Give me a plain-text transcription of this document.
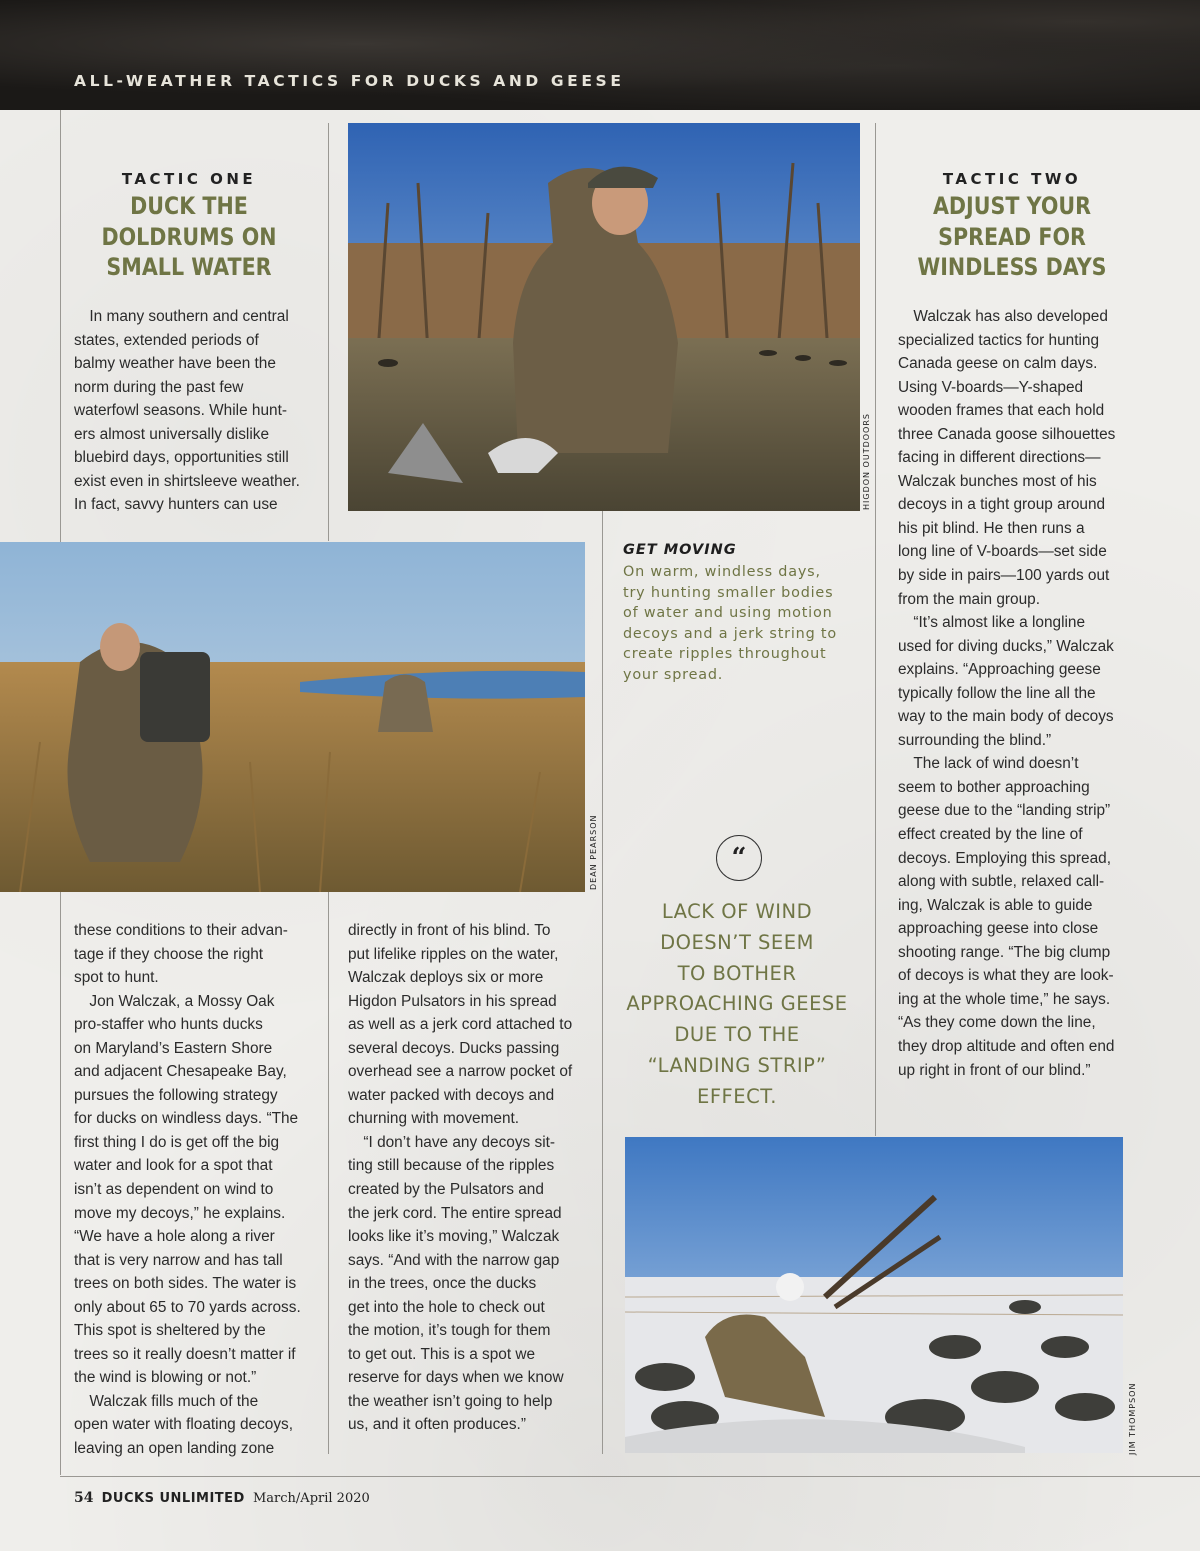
ALL-WEATHER TACTICS FOR DUCKS AND GEESE
TACTIC ONE
DUCK THE
DOLDRUMS ON
SMALL WATER
 In many southern and central
states, extended periods of
balmy weather have been the
norm during the past few
waterfowl seasons. While hunt-
ers almost universally dislike
bluebird days, opportunities still
exist even in shirtsleeve weather.
In fact, savvy hunters can use	HIGDON OUTDOORS
TACTIC TWO
ADJUST YOUR
SPREAD FOR
WINDLESS DAYS
 Walczak has also developed
specialized tactics for hunting
Canada geese on calm days.
Using V-boards—Y-shaped
wooden frames that each hold
three Canada goose silhouettes
facing in different directions—
Walczak bunches most of his
decoys in a tight group around
his pit blind. He then runs a
long line of V-boards—set side
by side in pairs—100 yards out
from the main group.
 “It’s almost like a longline
used for diving ducks,” Walczak
explains. “Approaching geese
typically follow the line all the
way to the main body of decoys
surrounding the blind.”
 The lack of wind doesn’t
seem to bother approaching
geese due to the “landing strip”
effect created by the line of
decoys. Employing this spread,
along with subtle, relaxed call-
ing, Walczak is able to guide
approaching geese into close
shooting range. “The big clump
of decoys is what they are look-
ing at the whole time,” he says.
“As they come down the line,
they drop altitude and often end
up right in front of our blind.”
DEAN PEARSON
GET MOVING
On warm, windless days,
try hunting smaller bodies
of water and using motion
decoys and a jerk string to
create ripples throughout
your spread.
these conditions to their advan-
tage if they choose the right
spot to hunt.
 Jon Walczak, a Mossy Oak
pro-staffer who hunts ducks
on Maryland’s Eastern Shore
and adjacent Chesapeake Bay,
pursues the following strategy
for ducks on windless days. “The
first thing I do is get off the big
water and look for a spot that
isn’t as dependent on wind to
move my decoys,” he explains.
“We have a hole along a river
that is very narrow and has tall
trees on both sides. The water is
only about 65 to 70 yards across.
This spot is sheltered by the
trees so it really doesn’t matter if
the wind is blowing or not.”
 Walczak fills much of the
open water with floating decoys,
leaving an open landing zone
directly in front of his blind. To
put lifelike ripples on the water,
Walczak deploys six or more
Higdon Pulsators in his spread
as well as a jerk cord attached to
several decoys. Ducks passing
overhead see a narrow pocket of
water packed with decoys and
churning with movement.
 “I don’t have any decoys sit-
ting still because of the ripples
created by the Pulsators and
the jerk cord. The entire spread
looks like it’s moving,” Walczak
says. “And with the narrow gap
in the trees, once the ducks
get into the hole to check out
the motion, it’s tough for them
to get out. This is a spot we
reserve for days when we know
the weather isn’t going to help
us, and it often produces.”
“
LACK OF WIND
DOESN’T SEEM
TO BOTHER
APPROACHING GEESE
DUE TO THE
“LANDING STRIP”
EFFECT.
JIM THOMPSON
54 DUCKS UNLIMITED March/April 2020
